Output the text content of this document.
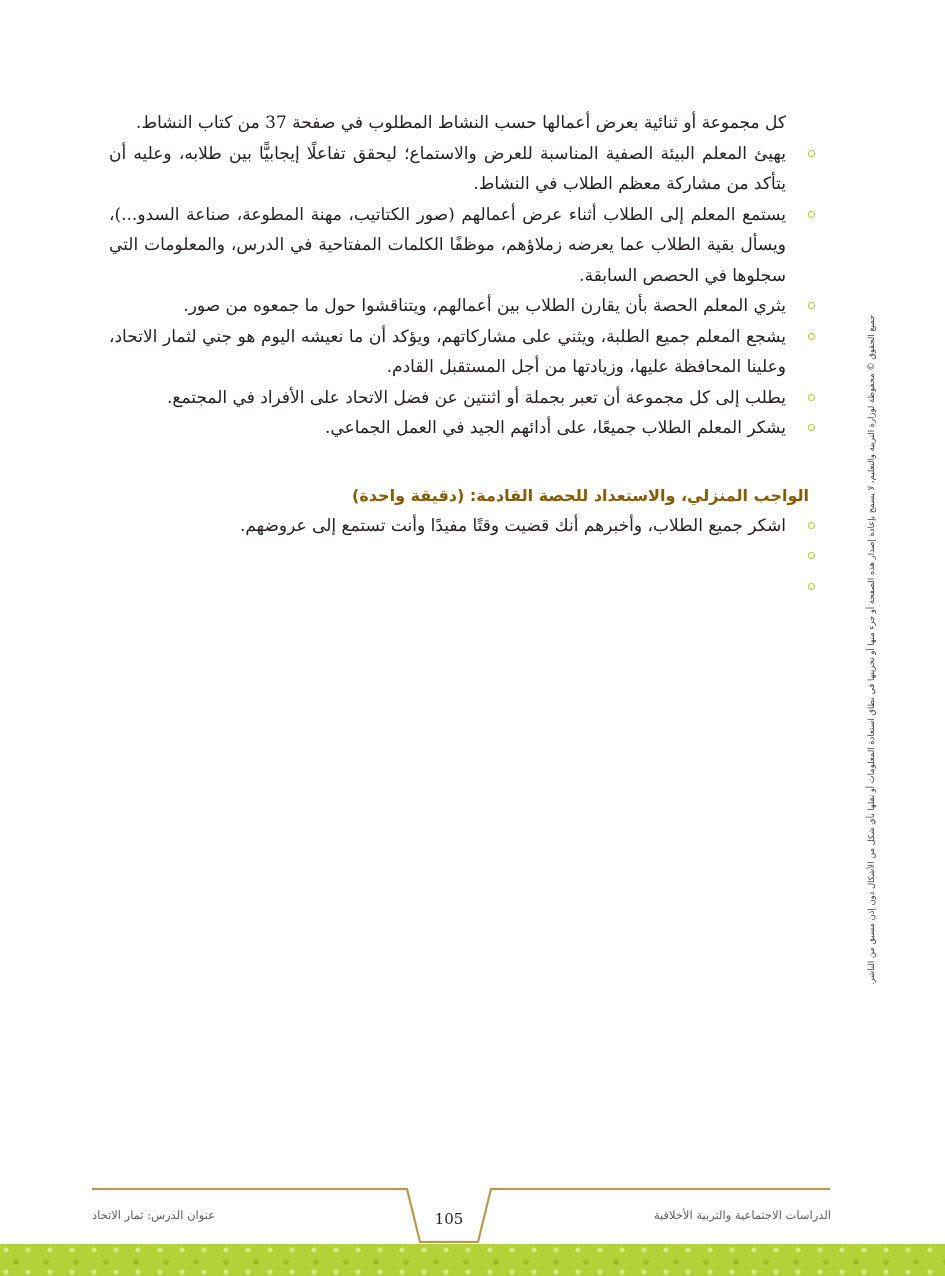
كل مجموعة أو ثنائية بعرض أعمالها حسب النشاط المطلوب في صفحة 37 من كتاب النشاط.

يهيئ المعلم البيئة الصفية المناسبة للعرض والاستماع؛ ليحقق تفاعلًا إيجابيًّا بين طلابه، وعليه أن يتأكد من مشاركة معظم الطلاب في النشاط.

يستمع المعلم إلى الطلاب أثناء عرض أعمالهم (صور الكتاتيب، مهنة المطوعة، صناعة السدو...)، ويسأل بقية الطلاب عما يعرضه زملاؤهم، موظفًا الكلمات المفتاحية في الدرس، والمعلومات التي سجلوها في الحصص السابقة.

يثري المعلم الحصة بأن يقارن الطلاب بين أعمالهم، ويتناقشوا حول ما جمعوه من صور.

يشجع المعلم جميع الطلبة، ويثني على مشاركاتهم، ويؤكد أن ما نعيشه اليوم هو جني لثمار الاتحاد، وعلينا المحافظة عليها، وزيادتها من أجل المستقبل القادم.

يطلب إلى كل مجموعة أن تعبر بجملة أو اثنتين عن فضل الاتحاد على الأفراد في المجتمع.

يشكر المعلم الطلاب جميعًا، على أدائهم الجيد في العمل الجماعي.

الواجب المنزلي، والاستعداد للحصة القادمة: (دقيقة واحدة)

اشكر جميع الطلاب، وأخبرهم أنك قضيت وقتًا مفيدًا وأنت تستمع إلى عروضهم.	جميع الحقوق © محفوظة لوزارة التربية والتعليم، لا يسمح بإعادة إصدار هذه الصفحة أو جزء منها أو تخزينها في نطاق استعادة المعلومات أو نقلها بأي شكل من الأشكال دون إذن مسبق من الناشر.
الدراسات الاجتماعية والتربية الأخلاقية
105
عنوان الدرس: ثمار الاتحاد
